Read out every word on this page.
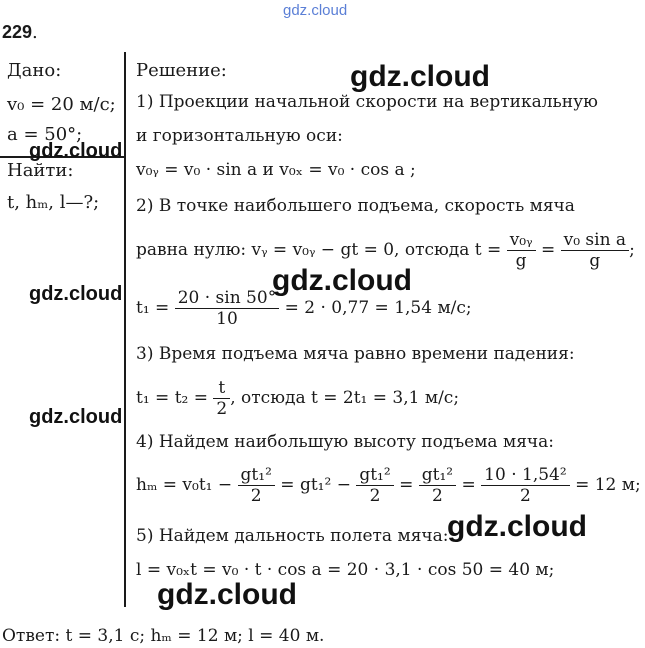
gdz.cloud
229.
Дано:
v₀ = 20 м/с;
a = 50°;
Найти:
t, hₘ, l—?;
Решение:
1) Проекции начальной скорости на вертикальную
и горизонтальную оси:
v₀ᵧ = v₀ · sin a и v₀ₓ = v₀ · cos a ;
2) В точке наибольшего подъема, скорость мяча
равна нулю: vᵧ = v₀ᵧ − gt = 0, отсюда $t = \frac{\text{v₀ᵧ}}{g} = \frac{\text{v₀ sin a}}{g}$ ;
$t_1 = \frac{20 \cdot \sin 50^\circ}{10} = 2 \cdot 0,77 = 1,54$ м/с;
3) Время подъема мяча равно времени падения:
$t_1 = t_2 = \frac{t}{2}$ , отсюда t = 2t₁ = 3,1 м/с;
4) Найдем наибольшую высоту подъема мяча:
$h_m = v_0t_1 - \frac{\text{gt₁²}}{2} = gt_1^2 - \frac{\text{gt₁²}}{2} = \frac{\text{gt₁²}}{2} = \frac{\text{10 · 1,54²}}{2} = 12$ м;
5) Найдем дальность полета мяча:
l = v₀ₓt = v₀ · t · cos a = 20 · 3,1 · cos 50 = 40 м;
Ответ: t = 3,1 с; hₘ = 12 м; l = 40 м.
gdz.cloud
gdz.cloud
gdz.cloud
gdz.cloud
gdz.cloud
gdz.cloud
gdz.cloud
